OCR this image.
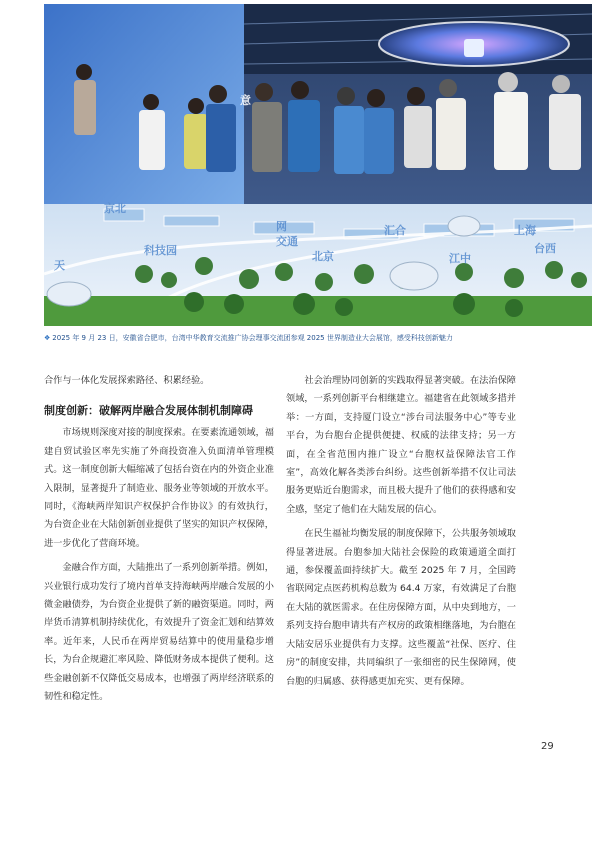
京北
网
交通
汇合
北京
上海
江中
天
台西
科技园
意
❖ 2025 年 9 月 23 日，安徽省合肥市，台湾中华教育交流推广协会理事交流团参观 2025 世界制造业大会展馆，感受科技创新魅力

合作与一体化发展探索路径、积累经验。

制度创新：破解两岸融合发展体制机制障碍

市场规则深度对接的制度探索。在要素流通领域，福建自贸试验区率先实施了外商投资准入负面清单管理模式。这一制度创新大幅缩减了包括台资在内的外资企业准入限制，显著提升了制造业、服务业等领域的开放水平。同时，《海峡两岸知识产权保护合作协议》的有效执行，为台资企业在大陆创新创业提供了坚实的知识产权保障，进一步优化了营商环境。

金融合作方面，大陆推出了一系列创新举措。例如，兴业银行成功发行了境内首单支持海峡两岸融合发展的小微金融债券，为台资企业提供了新的融资渠道。同时，两岸货币清算机制持续优化，有效提升了资金汇划和结算效率。近年来，人民币在两岸贸易结算中的使用量稳步增长，为台企规避汇率风险、降低财务成本提供了便利。这些金融创新不仅降低交易成本，也增强了两岸经济联系的韧性和稳定性。

社会治理协同创新的实践取得显著突破。在法治保障领域，一系列创新平台相继建立。福建省在此领域多措并举：一方面，支持厦门设立“涉台司法服务中心”等专业平台，为台胞台企提供便捷、权威的法律支持；另一方面，在全省范围内推广设立“台胞权益保障法官工作室”，高效化解各类涉台纠纷。这些创新举措不仅让司法服务更贴近台胞需求，而且极大提升了他们的获得感和安全感，坚定了他们在大陆发展的信心。

在民生福祉均衡发展的制度保障下，公共服务领域取得显著进展。台胞参加大陆社会保险的政策通道全面打通，参保覆盖面持续扩大。截至 2025 年 7 月，全国跨省联网定点医药机构总数为 64.4 万家，有效满足了台胞在大陆的就医需求。在住房保障方面，从中央到地方，一系列支持台胞申请共有产权房的政策相继落地，为台胞在大陆安居乐业提供有力支撑。这些覆盖“社保、医疗、住房”的制度安排，共同编织了一张细密的民生保障网，使台胞的归属感、获得感更加充实、更有保障。

29
